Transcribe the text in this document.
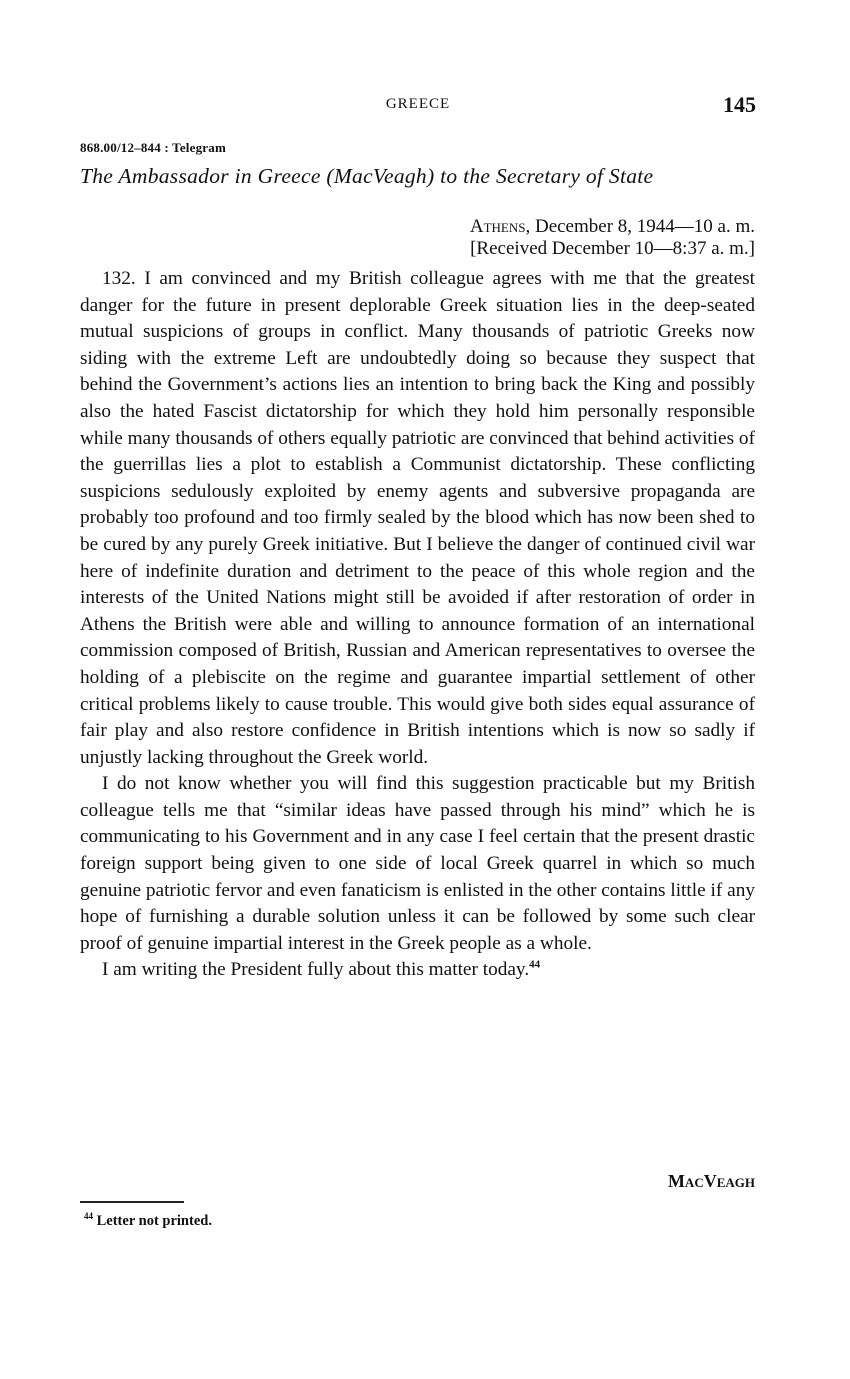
GREECE	145
868.00/12–844 : Telegram
The Ambassador in Greece (MacVeagh) to the Secretary of State
Athens, December 8, 1944—10 a. m.
[Received December 10—8:37 a. m.]

132. I am convinced and my British colleague agrees with me that the greatest danger for the future in present deplorable Greek situation lies in the deep-seated mutual suspicions of groups in conflict. Many thousands of patriotic Greeks now siding with the extreme Left are undoubtedly doing so because they suspect that behind the Government’s actions lies an intention to bring back the King and possibly also the hated Fascist dictatorship for which they hold him personally responsible while many thousands of others equally patriotic are convinced that behind activities of the guerrillas lies a plot to establish a Communist dictatorship. These conflicting suspicions sedulously exploited by enemy agents and subversive propaganda are probably too profound and too firmly sealed by the blood which has now been shed to be cured by any purely Greek initiative. But I believe the danger of continued civil war here of indefinite duration and detriment to the peace of this whole region and the interests of the United Nations might still be avoided if after restoration of order in Athens the British were able and willing to announce formation of an international commission composed of British, Russian and American representatives to oversee the holding of a plebiscite on the regime and guarantee impartial settlement of other critical problems likely to cause trouble. This would give both sides equal assurance of fair play and also restore confidence in British intentions which is now so sadly if unjustly lacking throughout the Greek world.

I do not know whether you will find this suggestion practicable but my British colleague tells me that “similar ideas have passed through his mind” which he is communicating to his Government and in any case I feel certain that the present drastic foreign support being given to one side of local Greek quarrel in which so much genuine patriotic fervor and even fanaticism is enlisted in the other contains little if any hope of furnishing a durable solution unless it can be followed by some such clear proof of genuine impartial interest in the Greek people as a whole.

I am writing the President fully about this matter today.$^{44}$

MacVeagh
$^{44}$ Letter not printed.
